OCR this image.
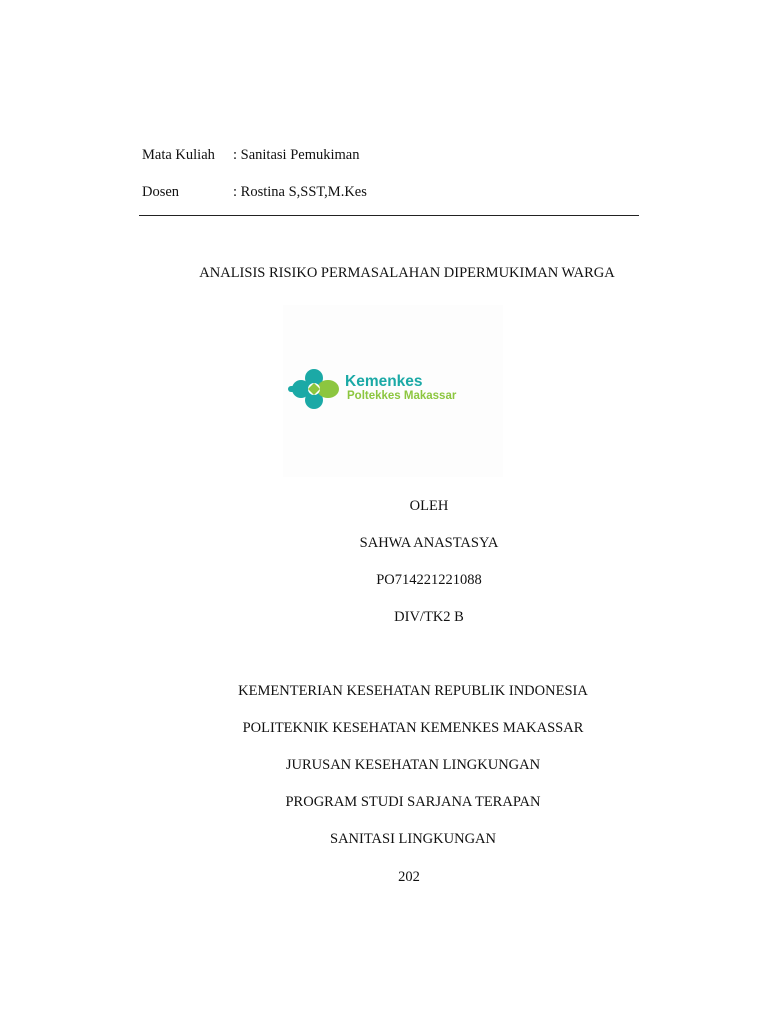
Mata Kuliah : Sanitasi Pemukiman
Dosen	: Rostina S,SST,M.Kes
ANALISIS RISIKO PERMASALAHAN DIPERMUKIMAN WARGA
Kemenkes
Poltekkes Makassar
OLEH
SAHWA ANASTASYA
PO714221221088
DIV/TK2 B
KEMENTERIAN KESEHATAN REPUBLIK INDONESIA
POLITEKNIK KESEHATAN KEMENKES MAKASSAR
JURUSAN KESEHATAN LINGKUNGAN
PROGRAM STUDI SARJANA TERAPAN
SANITASI LINGKUNGAN
202
